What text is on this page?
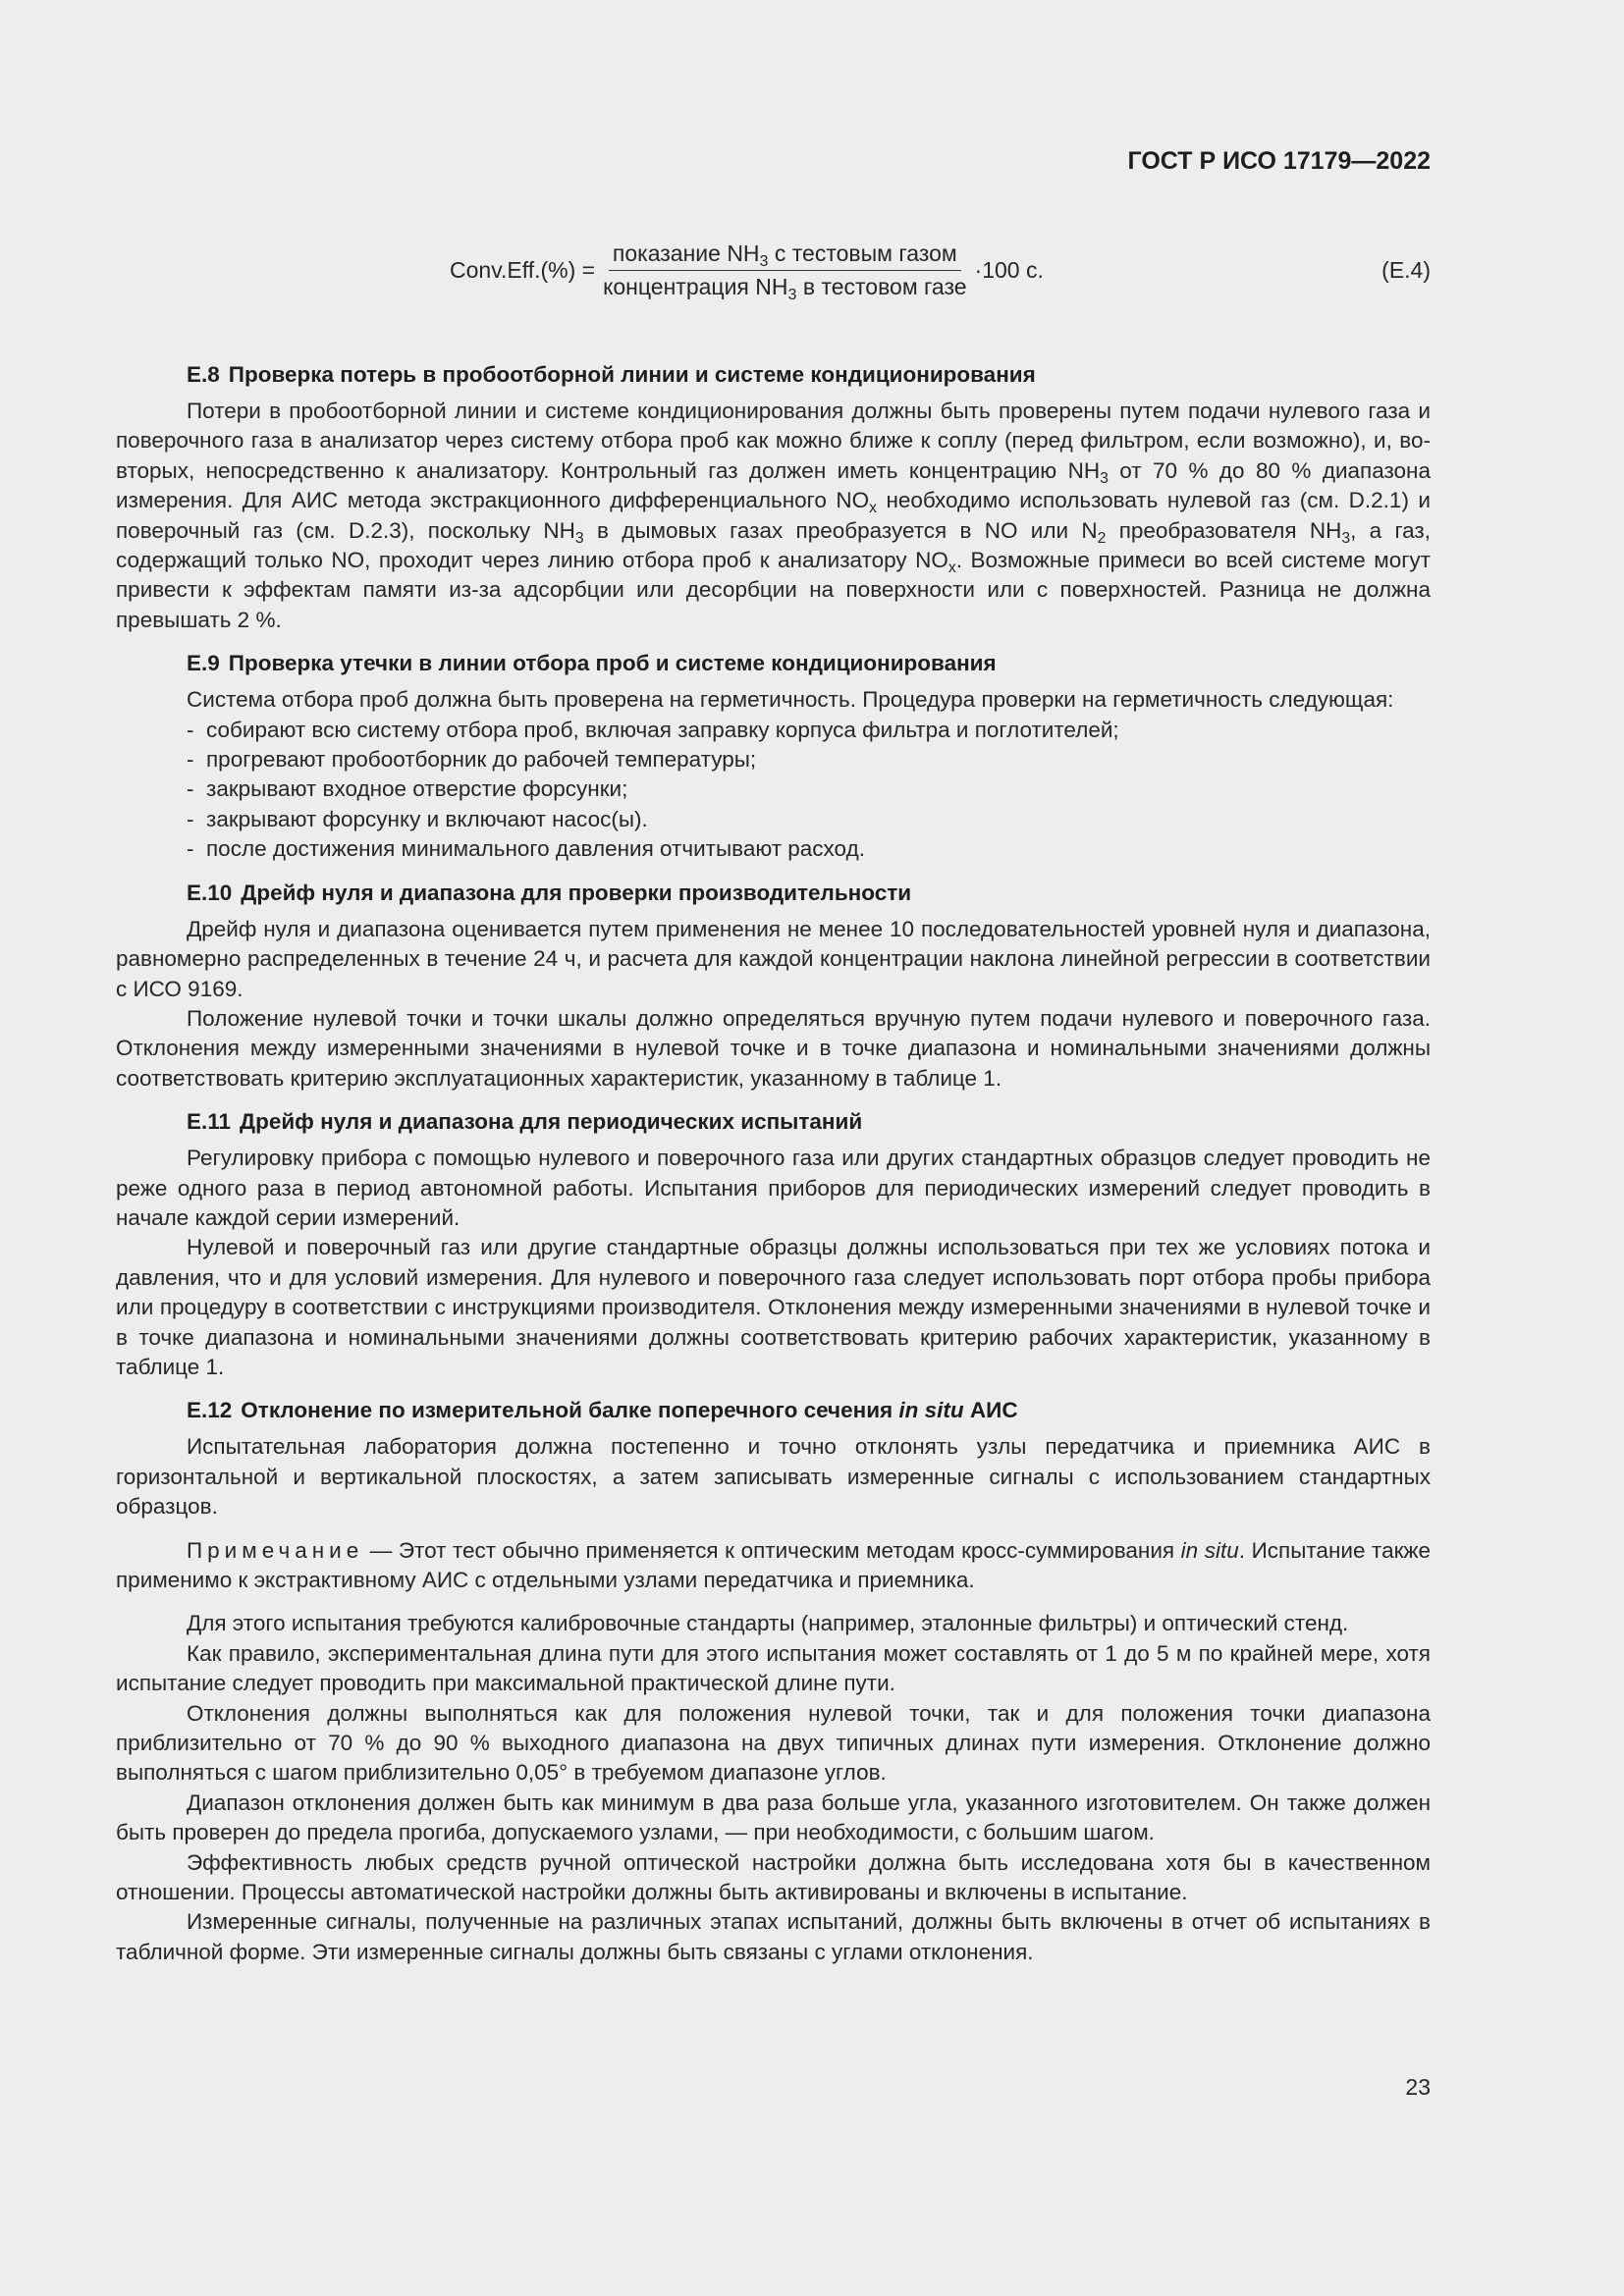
ГОСТ Р ИСО 17179—2022
Conv.Eff.(%) = $\frac{показание NH_3 с тестовым газом}{концентрация NH_3 в тестовом газе} \cdot 100$ с.	(E.4)
E.8 Проверка потерь в пробоотборной линии и системе кондиционирования

Потери в пробоотборной линии и системе кондиционирования должны быть проверены путем подачи нулевого газа и поверочного газа в анализатор через систему отбора проб как можно ближе к соплу (перед фильтром, если возможно), и, во-вторых, непосредственно к анализатору. Контрольный газ должен иметь концентрацию $NH_3$ от 70 % до 80 % диапазона измерения. Для АИС метода экстракционного дифференциального $NO_x$ необходимо использовать нулевой газ (см. D.2.1) и поверочный газ (см. D.2.3), поскольку $NH_3$ в дымовых газах преобразуется в NO или $N_2$ преобразователя $NH_3$, а газ, содержащий только NO, проходит через линию отбора проб к анализатору $NO_x$. Возможные примеси во всей системе могут привести к эффектам памяти из-за адсорбции или десорбции на поверхности или с поверхностей. Разница не должна превышать 2 %.

E.9 Проверка утечки в линии отбора проб и системе кондиционирования

Система отбора проб должна быть проверена на герметичность. Процедура проверки на герметичность следующая:

- собирают всю систему отбора проб, включая заправку корпуса фильтра и поглотителей;
- прогревают пробоотборник до рабочей температуры;
- закрывают входное отверстие форсунки;
- закрывают форсунку и включают насос(ы).
- после достижения минимального давления отчитывают расход.
E.10 Дрейф нуля и диапазона для проверки производительности

Дрейф нуля и диапазона оценивается путем применения не менее 10 последовательностей уровней нуля и диапазона, равномерно распределенных в течение 24 ч, и расчета для каждой концентрации наклона линейной регрессии в соответствии с ИСО 9169.

Положение нулевой точки и точки шкалы должно определяться вручную путем подачи нулевого и поверочного газа. Отклонения между измеренными значениями в нулевой точке и в точке диапазона и номинальными значениями должны соответствовать критерию эксплуатационных характеристик, указанному в таблице 1.

E.11 Дрейф нуля и диапазона для периодических испытаний

Регулировку прибора с помощью нулевого и поверочного газа или других стандартных образцов следует проводить не реже одного раза в период автономной работы. Испытания приборов для периодических измерений следует проводить в начале каждой серии измерений.

Нулевой и поверочный газ или другие стандартные образцы должны использоваться при тех же условиях потока и давления, что и для условий измерения. Для нулевого и поверочного газа следует использовать порт отбора пробы прибора или процедуру в соответствии с инструкциями производителя. Отклонения между измеренными значениями в нулевой точке и в точке диапазона и номинальными значениями должны соответствовать критерию рабочих характеристик, указанному в таблице 1.

E.12 Отклонение по измерительной балке поперечного сечения in situ АИС

Испытательная лаборатория должна постепенно и точно отклонять узлы передатчика и приемника АИС в горизонтальной и вертикальной плоскостях, а затем записывать измеренные сигналы с использованием стандартных образцов.

Примечание — Этот тест обычно применяется к оптическим методам кросс-суммирования in situ. Испытание также применимо к экстрактивному АИС с отдельными узлами передатчика и приемника.

Для этого испытания требуются калибровочные стандарты (например, эталонные фильтры) и оптический стенд.

Как правило, экспериментальная длина пути для этого испытания может составлять от 1 до 5 м по крайней мере, хотя испытание следует проводить при максимальной практической длине пути.

Отклонения должны выполняться как для положения нулевой точки, так и для положения точки диапазона приблизительно от 70 % до 90 % выходного диапазона на двух типичных длинах пути измерения. Отклонение должно выполняться с шагом приблизительно 0,05° в требуемом диапазоне углов.

Диапазон отклонения должен быть как минимум в два раза больше угла, указанного изготовителем. Он также должен быть проверен до предела прогиба, допускаемого узлами, — при необходимости, с большим шагом.

Эффективность любых средств ручной оптической настройки должна быть исследована хотя бы в качественном отношении. Процессы автоматической настройки должны быть активированы и включены в испытание.

Измеренные сигналы, полученные на различных этапах испытаний, должны быть включены в отчет об испытаниях в табличной форме. Эти измеренные сигналы должны быть связаны с углами отклонения.

23
